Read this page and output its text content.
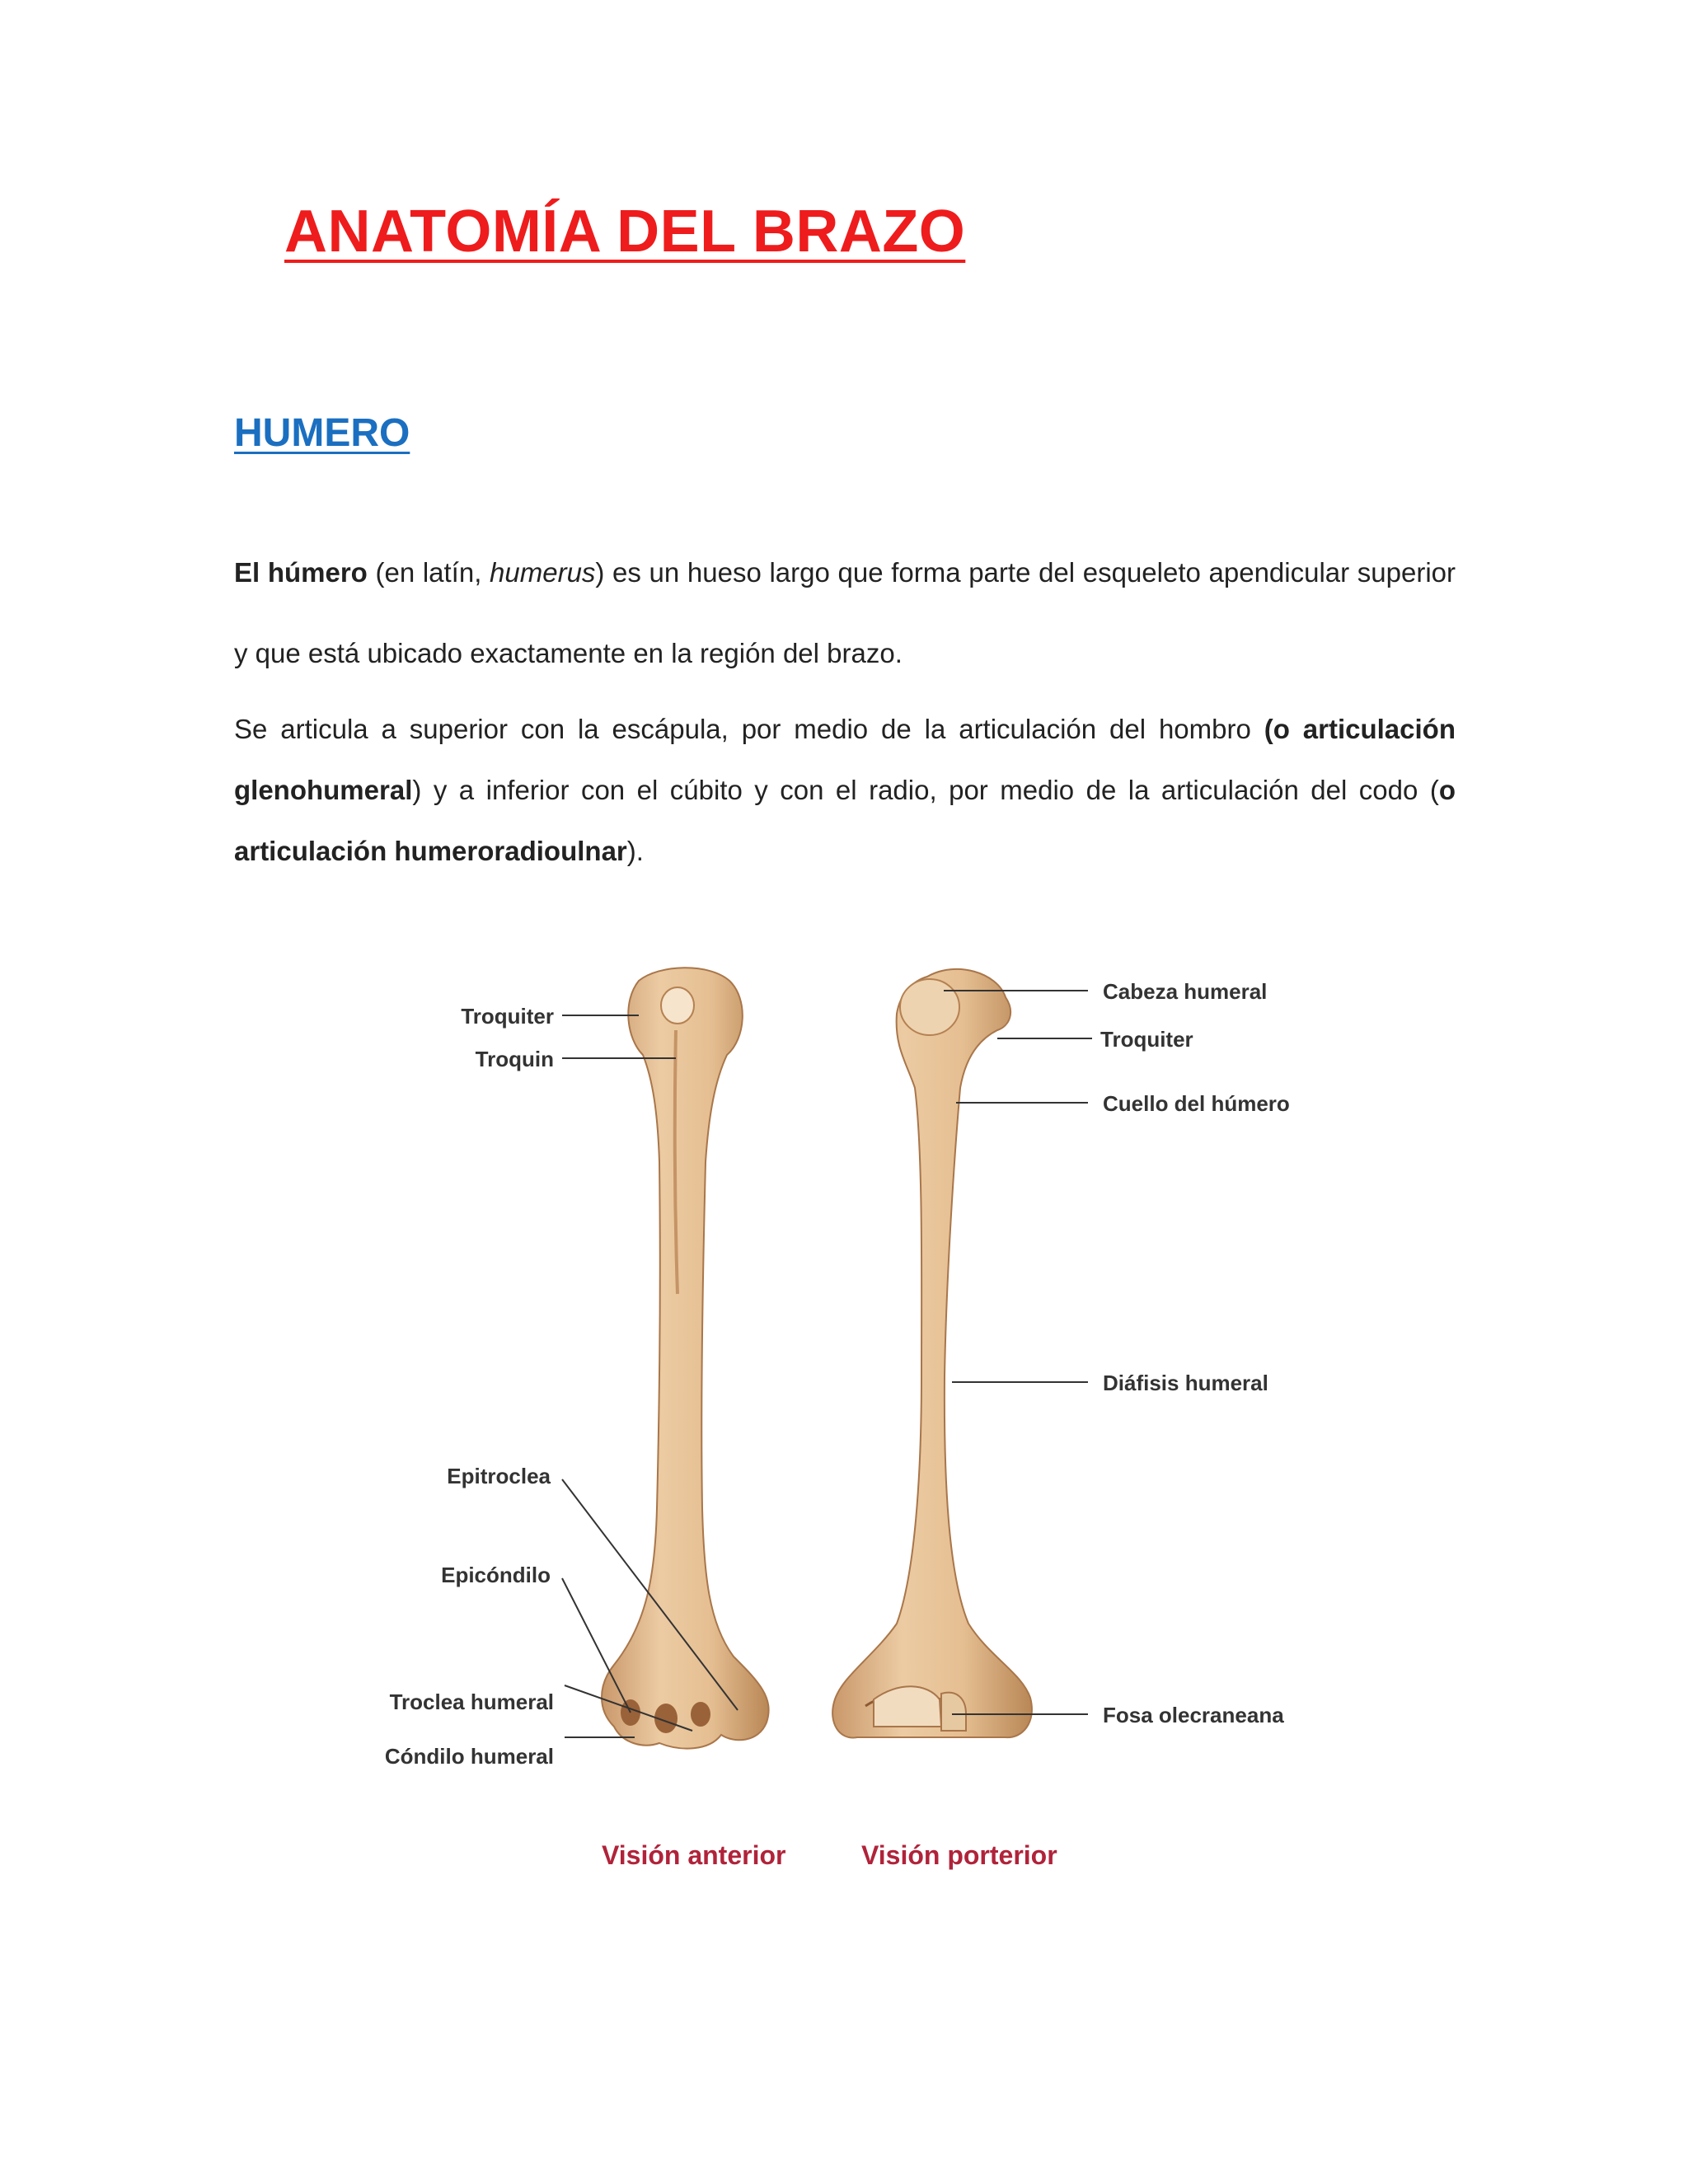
ANATOMÍA DEL BRAZO
HUMERO

El húmero (en latín, humerus) es un hueso largo que forma parte del esqueleto apendicular superior y que está ubicado exactamente en la región del brazo.

Se articula a superior con la escápula, por medio de la articulación del hombro (o articulación glenohumeral) y a inferior con el cúbito y con el radio, por medio de la articulación del codo (o articulación humeroradioulnar).

Troquiter
Troquin
Epitroclea
Epicóndilo
Troclea humeral
Cóndilo humeral
Cabeza humeral
Troquiter
Cuello del húmero
Diáfisis humeral
Fosa olecraneana
Visión anterior	Visión porterior
